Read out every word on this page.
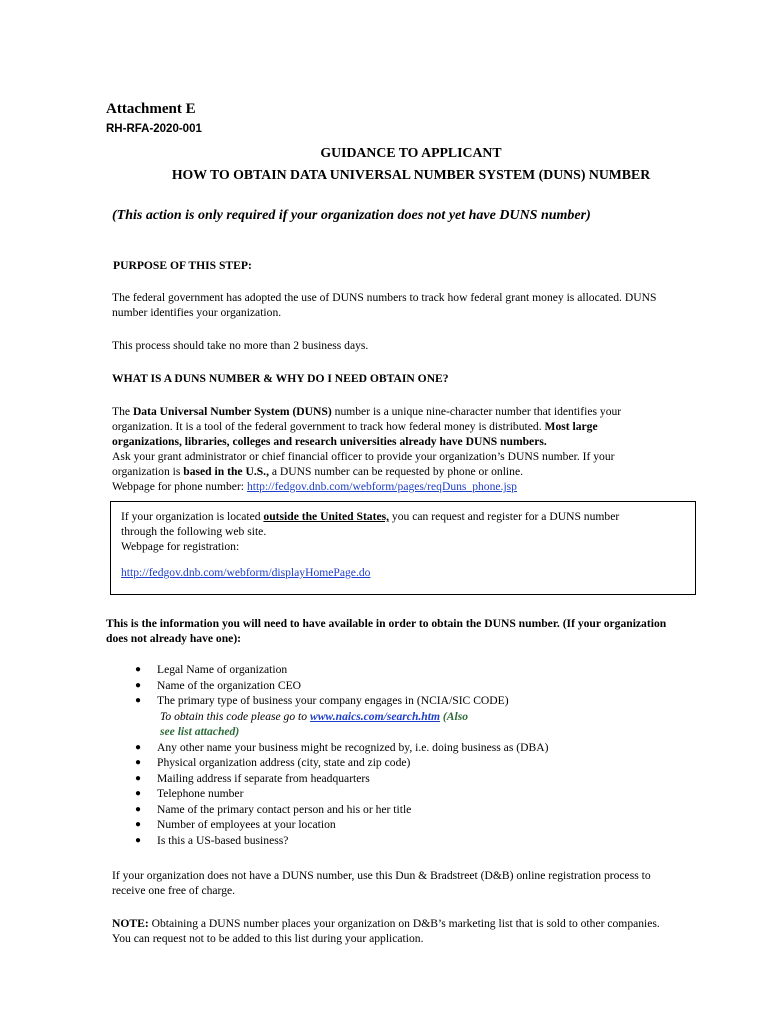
Attachment E
RH-RFA-2020-001
GUIDANCE TO APPLICANT
HOW TO OBTAIN DATA UNIVERSAL NUMBER SYSTEM (DUNS) NUMBER
(This action is only required if your organization does not yet have DUNS number)
PURPOSE OF THIS STEP:
The federal government has adopted the use of DUNS numbers to track how federal grant money is allocated. DUNS
number identifies your organization.
This process should take no more than 2 business days.
WHAT IS A DUNS NUMBER & WHY DO I NEED OBTAIN ONE?
The Data Universal Number System (DUNS) number is a unique nine-character number that identifies your
organization. It is a tool of the federal government to track how federal money is distributed. Most large
organizations, libraries, colleges and research universities already have DUNS numbers.
Ask your grant administrator or chief financial officer to provide your organization’s DUNS number. If your
organization is based in the U.S., a DUNS number can be requested by phone or online.
Webpage for phone number: http://fedgov.dnb.com/webform/pages/reqDuns_phone.jsp
If your organization is located outside the United States, you can request and register for a DUNS number
through the following web site.
Webpage for registration:
http://fedgov.dnb.com/webform/displayHomePage.do
This is the information you will need to have available in order to obtain the DUNS number. (If your organization
does not already have one):
● Legal Name of organization
● Name of the organization CEO
● The primary type of business your company engages in (NCIA/SIC CODE)
To obtain this code please go to www.naics.com/search.htm (Also
see list attached)
● Any other name your business might be recognized by, i.e. doing business as (DBA)
● Physical organization address (city, state and zip code)
● Mailing address if separate from headquarters
● Telephone number
● Name of the primary contact person and his or her title
● Number of employees at your location
● Is this a US-based business?
If your organization does not have a DUNS number, use this Dun & Bradstreet (D&B) online registration process to
receive one free of charge.
NOTE: Obtaining a DUNS number places your organization on D&B’s marketing list that is sold to other companies.
You can request not to be added to this list during your application.
